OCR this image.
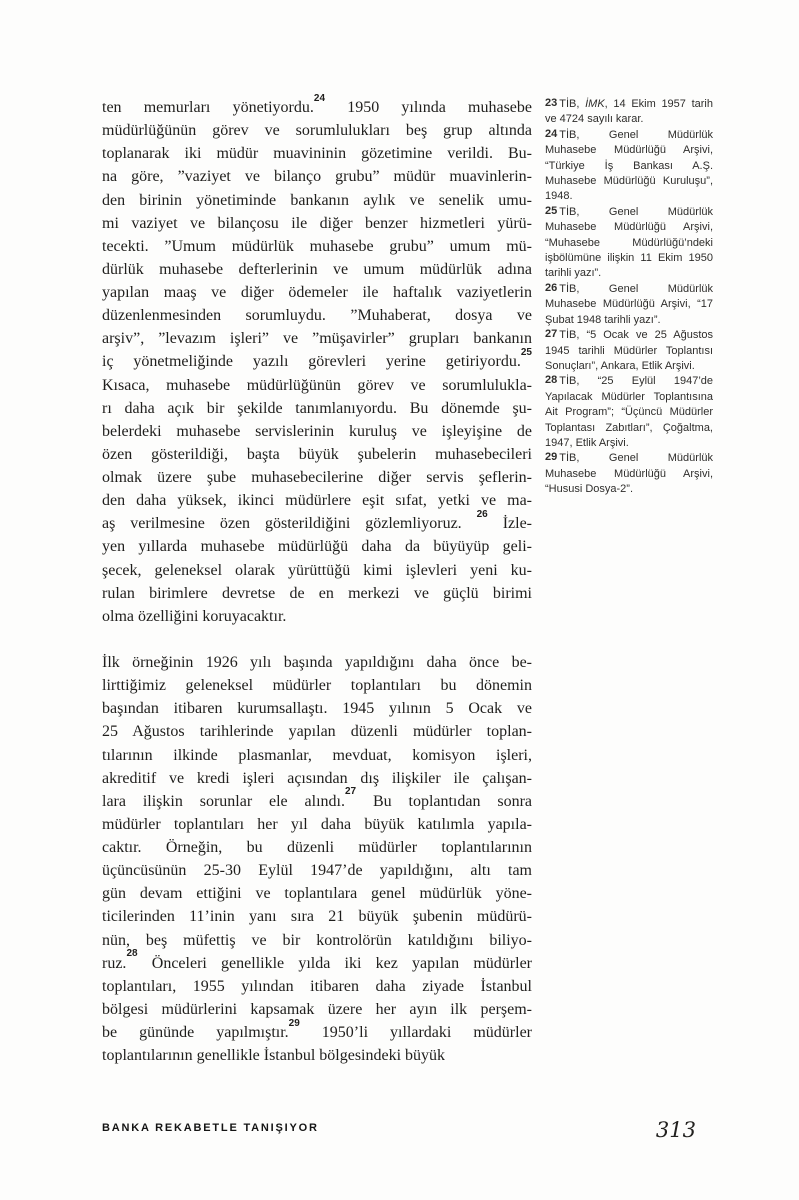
ten memurları yönetiyordu.$^{24}$ 1950 yılında muhasebe
müdürlüğünün görev ve sorumlulukları beş grup altında
toplanarak iki müdür muavininin gözetimine verildi. Bu-
na göre, ”vaziyet ve bilanço grubu” müdür muavinlerin-
den birinin yönetiminde bankanın aylık ve senelik umu-
mi vaziyet ve bilançosu ile diğer benzer hizmetleri yürü-
tecekti. ”Umum müdürlük muhasebe grubu” umum mü-
dürlük muhasebe defterlerinin ve umum müdürlük adına
yapılan maaş ve diğer ödemeler ile haftalık vaziyetlerin
düzenlenmesinden sorumluydu. ”Muhaberat, dosya ve
arşiv”, ”levazım işleri” ve ”müşavirler” grupları bankanın
iç yönetmeliğinde yazılı görevleri yerine getiriyordu.$^{25}$
Kısaca, muhasebe müdürlüğünün görev ve sorumlulukla-
rı daha açık bir şekilde tanımlanıyordu. Bu dönemde şu-
belerdeki muhasebe servislerinin kuruluş ve işleyişine de
özen gösterildiği, başta büyük şubelerin muhasebecileri
olmak üzere şube muhasebecilerine diğer servis şeflerin-
den daha yüksek, ikinci müdürlere eşit sıfat, yetki ve ma-
aş verilmesine özen gösterildiğini gözlemliyoruz. $^{26}$ İzle-
yen yıllarda muhasebe müdürlüğü daha da büyüyüp geli-
şecek, geleneksel olarak yürüttüğü kimi işlevleri yeni ku-
rulan birimlere devretse de en merkezi ve güçlü birimi
olma özelliğini koruyacaktır.
İlk örneğinin 1926 yılı başında yapıldığını daha önce be-
lirttiğimiz geleneksel müdürler toplantıları bu dönemin
başından itibaren kurumsallaştı. 1945 yılının 5 Ocak ve
25 Ağustos tarihlerinde yapılan düzenli müdürler toplan-
tılarının ilkinde plasmanlar, mevduat, komisyon işleri,
akreditif ve kredi işleri açısından dış ilişkiler ile çalışan-
lara ilişkin sorunlar ele alındı.$^{27}$ Bu toplantıdan sonra
müdürler toplantıları her yıl daha büyük katılımla yapıla-
caktır. Örneğin, bu düzenli müdürler toplantılarının
üçüncüsünün 25-30 Eylül 1947’de yapıldığını, altı tam
gün devam ettiğini ve toplantılara genel müdürlük yöne-
ticilerinden 11’inin yanı sıra 21 büyük şubenin müdürü-
nün, beş müfettiş ve bir kontrolörün katıldığını biliyo-
ruz.$^{28}$ Önceleri genellikle yılda iki kez yapılan müdürler
toplantıları, 1955 yılından itibaren daha ziyade İstanbul
bölgesi müdürlerini kapsamak üzere her ayın ilk perşem-
be gününde yapılmıştır.$^{29}$ 1950’li yıllardaki müdürler
toplantılarının genellikle İstanbul bölgesindeki büyük

23 TİB, İMK, 14 Ekim 1957 tarih ve 4724 sayılı karar.

24 TİB, Genel Müdürlük Muhasebe Müdürlüğü Arşivi, “Türkiye İş Bankası A.Ş. Muhasebe Müdürlüğü Kuruluşu”, 1948.

25 TİB, Genel Müdürlük Muhasebe Müdürlüğü Arşivi, “Muhasebe Müdürlüğü’ndeki işbölümüne ilişkin 11 Ekim 1950 tarihli yazı”.

26 TİB, Genel Müdürlük Muhasebe Müdürlüğü Arşivi, “17 Şubat 1948 tarihli yazı”.

27 TİB, “5 Ocak ve 25 Ağustos 1945 tarihli Müdürler Toplantısı Sonuçları”, Ankara, Etlik Arşivi.

28 TİB, “25 Eylül 1947’de Yapılacak Müdürler Toplantısına Ait Program”; “Üçüncü Müdürler Toplantası Zabıtları”, Çoğaltma, 1947, Etlik Arşivi.

29 TİB, Genel Müdürlük Muhasebe Müdürlüğü Arşivi, “Hususi Dosya-2”.

BANKA REKABETLE TANIŞIYOR	313
